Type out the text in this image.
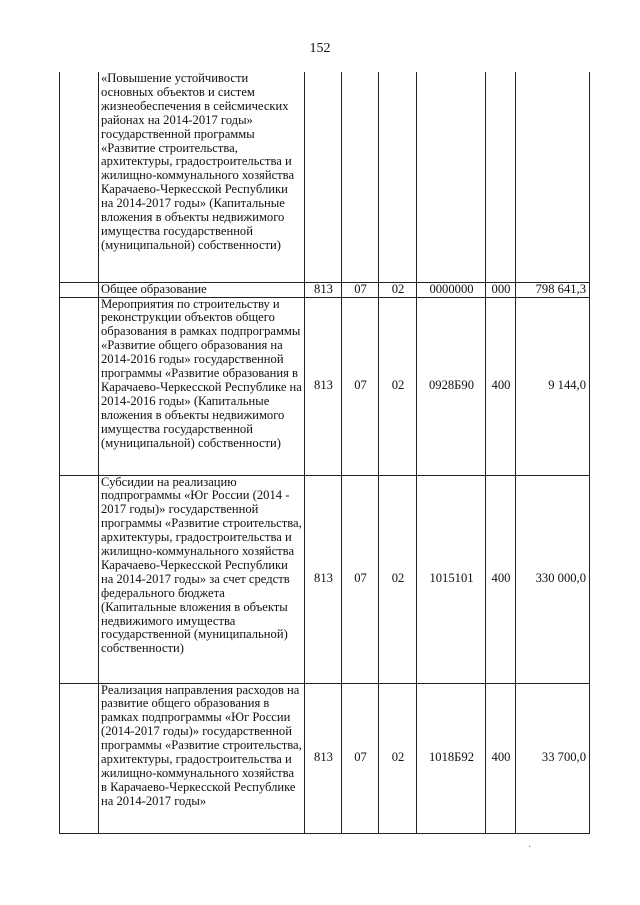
152
	«Повышение устойчивости основных объектов и систем жизнеобеспечения в сейсмических районах на 2014-2017 годы» государственной программы «Развитие строительства, архитектуры, градостроительства и жилищно-коммунального хозяйства Карачаево-Черкесской Республики на 2014-2017 годы» (Капитальные вложения в объекты недвижимого имущества государственной (муниципальной) собственности)						
	Общее образование	813	07	02	0000000	000	798 641,3
	Мероприятия по строительству и реконструкции объектов общего образования в рамках подпрограммы «Развитие общего образования на 2014-2016 годы» государственной программы «Развитие образования в Карачаево-Черкесской Республике на 2014-2016 годы» (Капитальные вложения в объекты недвижимого имущества государственной (муниципальной) собственности)	813	07	02	0928Б90	400	9 144,0
	Субсидии на реализацию подпрограммы «Юг России (2014 - 2017 годы)» государственной программы «Развитие строительства, архитектуры, градостроительства и жилищно-коммунального хозяйства Карачаево-Черкесской Республики на 2014-2017 годы» за счет средств федерального бюджета (Капитальные вложения в объекты недвижимого имущества государственной (муниципальной) собственности)	813	07	02	1015101	400	330 000,0
	Реализация направления расходов на развитие общего образования в рамках подпрограммы «Юг России (2014-2017 годы)» государственной программы «Развитие строительства, архитектуры, градостроительства и жилищно-коммунального хозяйства в Карачаево-Черкесской Республике на 2014-2017 годы»	813	07	02	1018Б92	400	33 700,0
·
